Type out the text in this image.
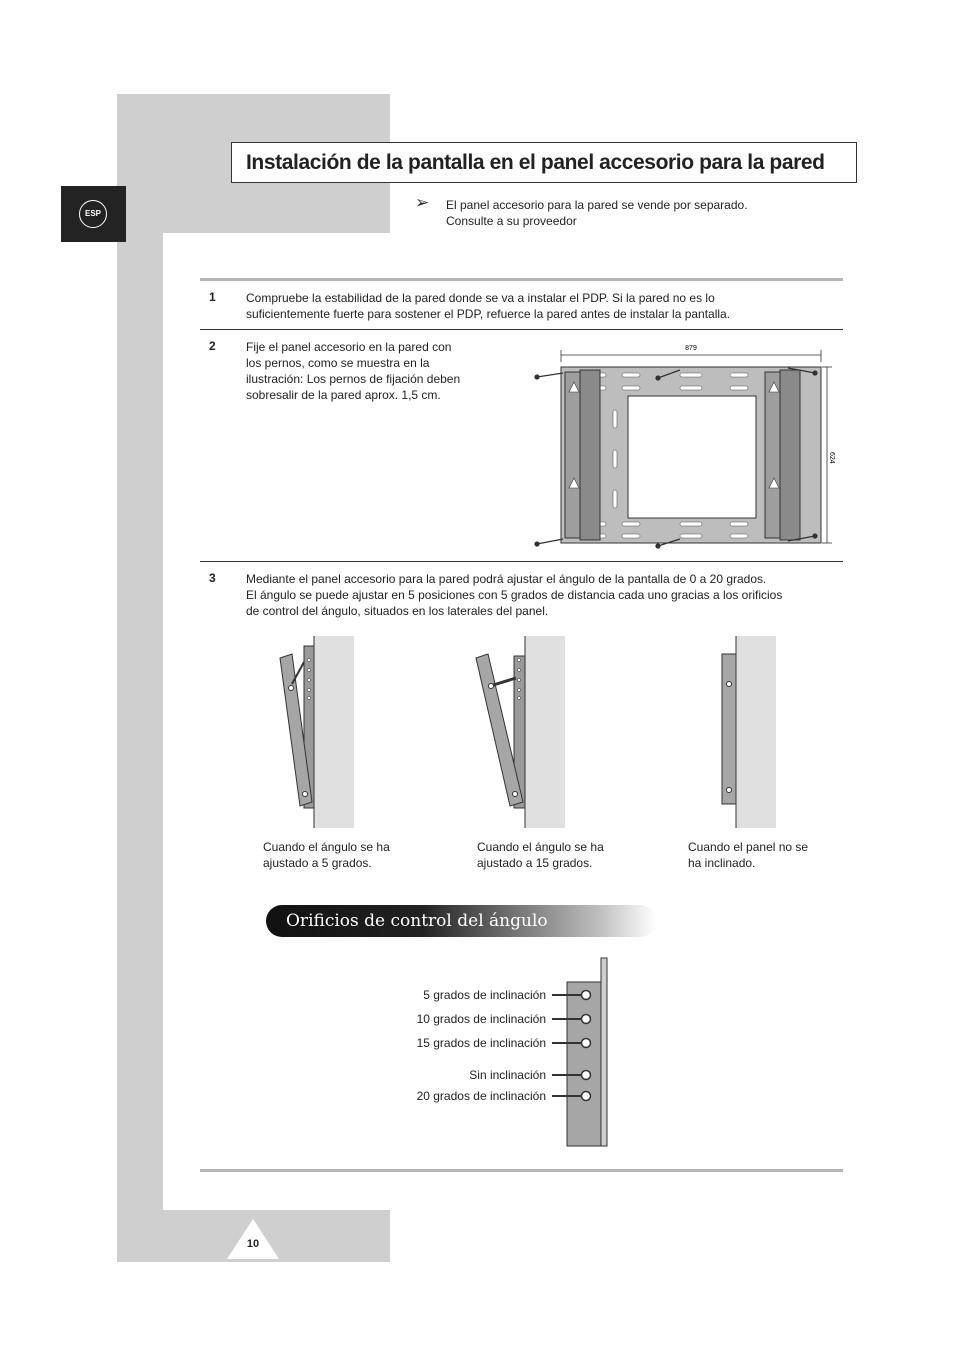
ESP
Instalación de la pantalla en el panel accesorio para la pared
➢ El panel accesorio para la pared se vende por separado.
Consulte a su proveedor
1	Compruebe la estabilidad de la pared donde se va a instalar el PDP. Si la pared no es lo
suficientemente fuerte para sostener el PDP, refuerce la pared antes de instalar la pantalla.
2	Fije el panel accesorio en la pared con
los pernos, como se muestra en la
ilustración: Los pernos de fijación deben
sobresalir de la pared aprox. 1,5 cm.
879
624
3	Mediante el panel accesorio para la pared podrá ajustar el ángulo de la pantalla de 0 a 20 grados.
El ángulo se puede ajustar en 5 posiciones con 5 grados de distancia cada uno gracias a los orificios
de control del ángulo, situados en los laterales del panel.
Cuando el ángulo se ha
ajustado a 5 grados.
Cuando el ángulo se ha
ajustado a 15 grados.
Cuando el panel no se
ha inclinado.
Orificios de control del ángulo
5 grados de inclinación
10 grados de inclinación
15 grados de inclinación
Sin inclinación
20 grados de inclinación
10
